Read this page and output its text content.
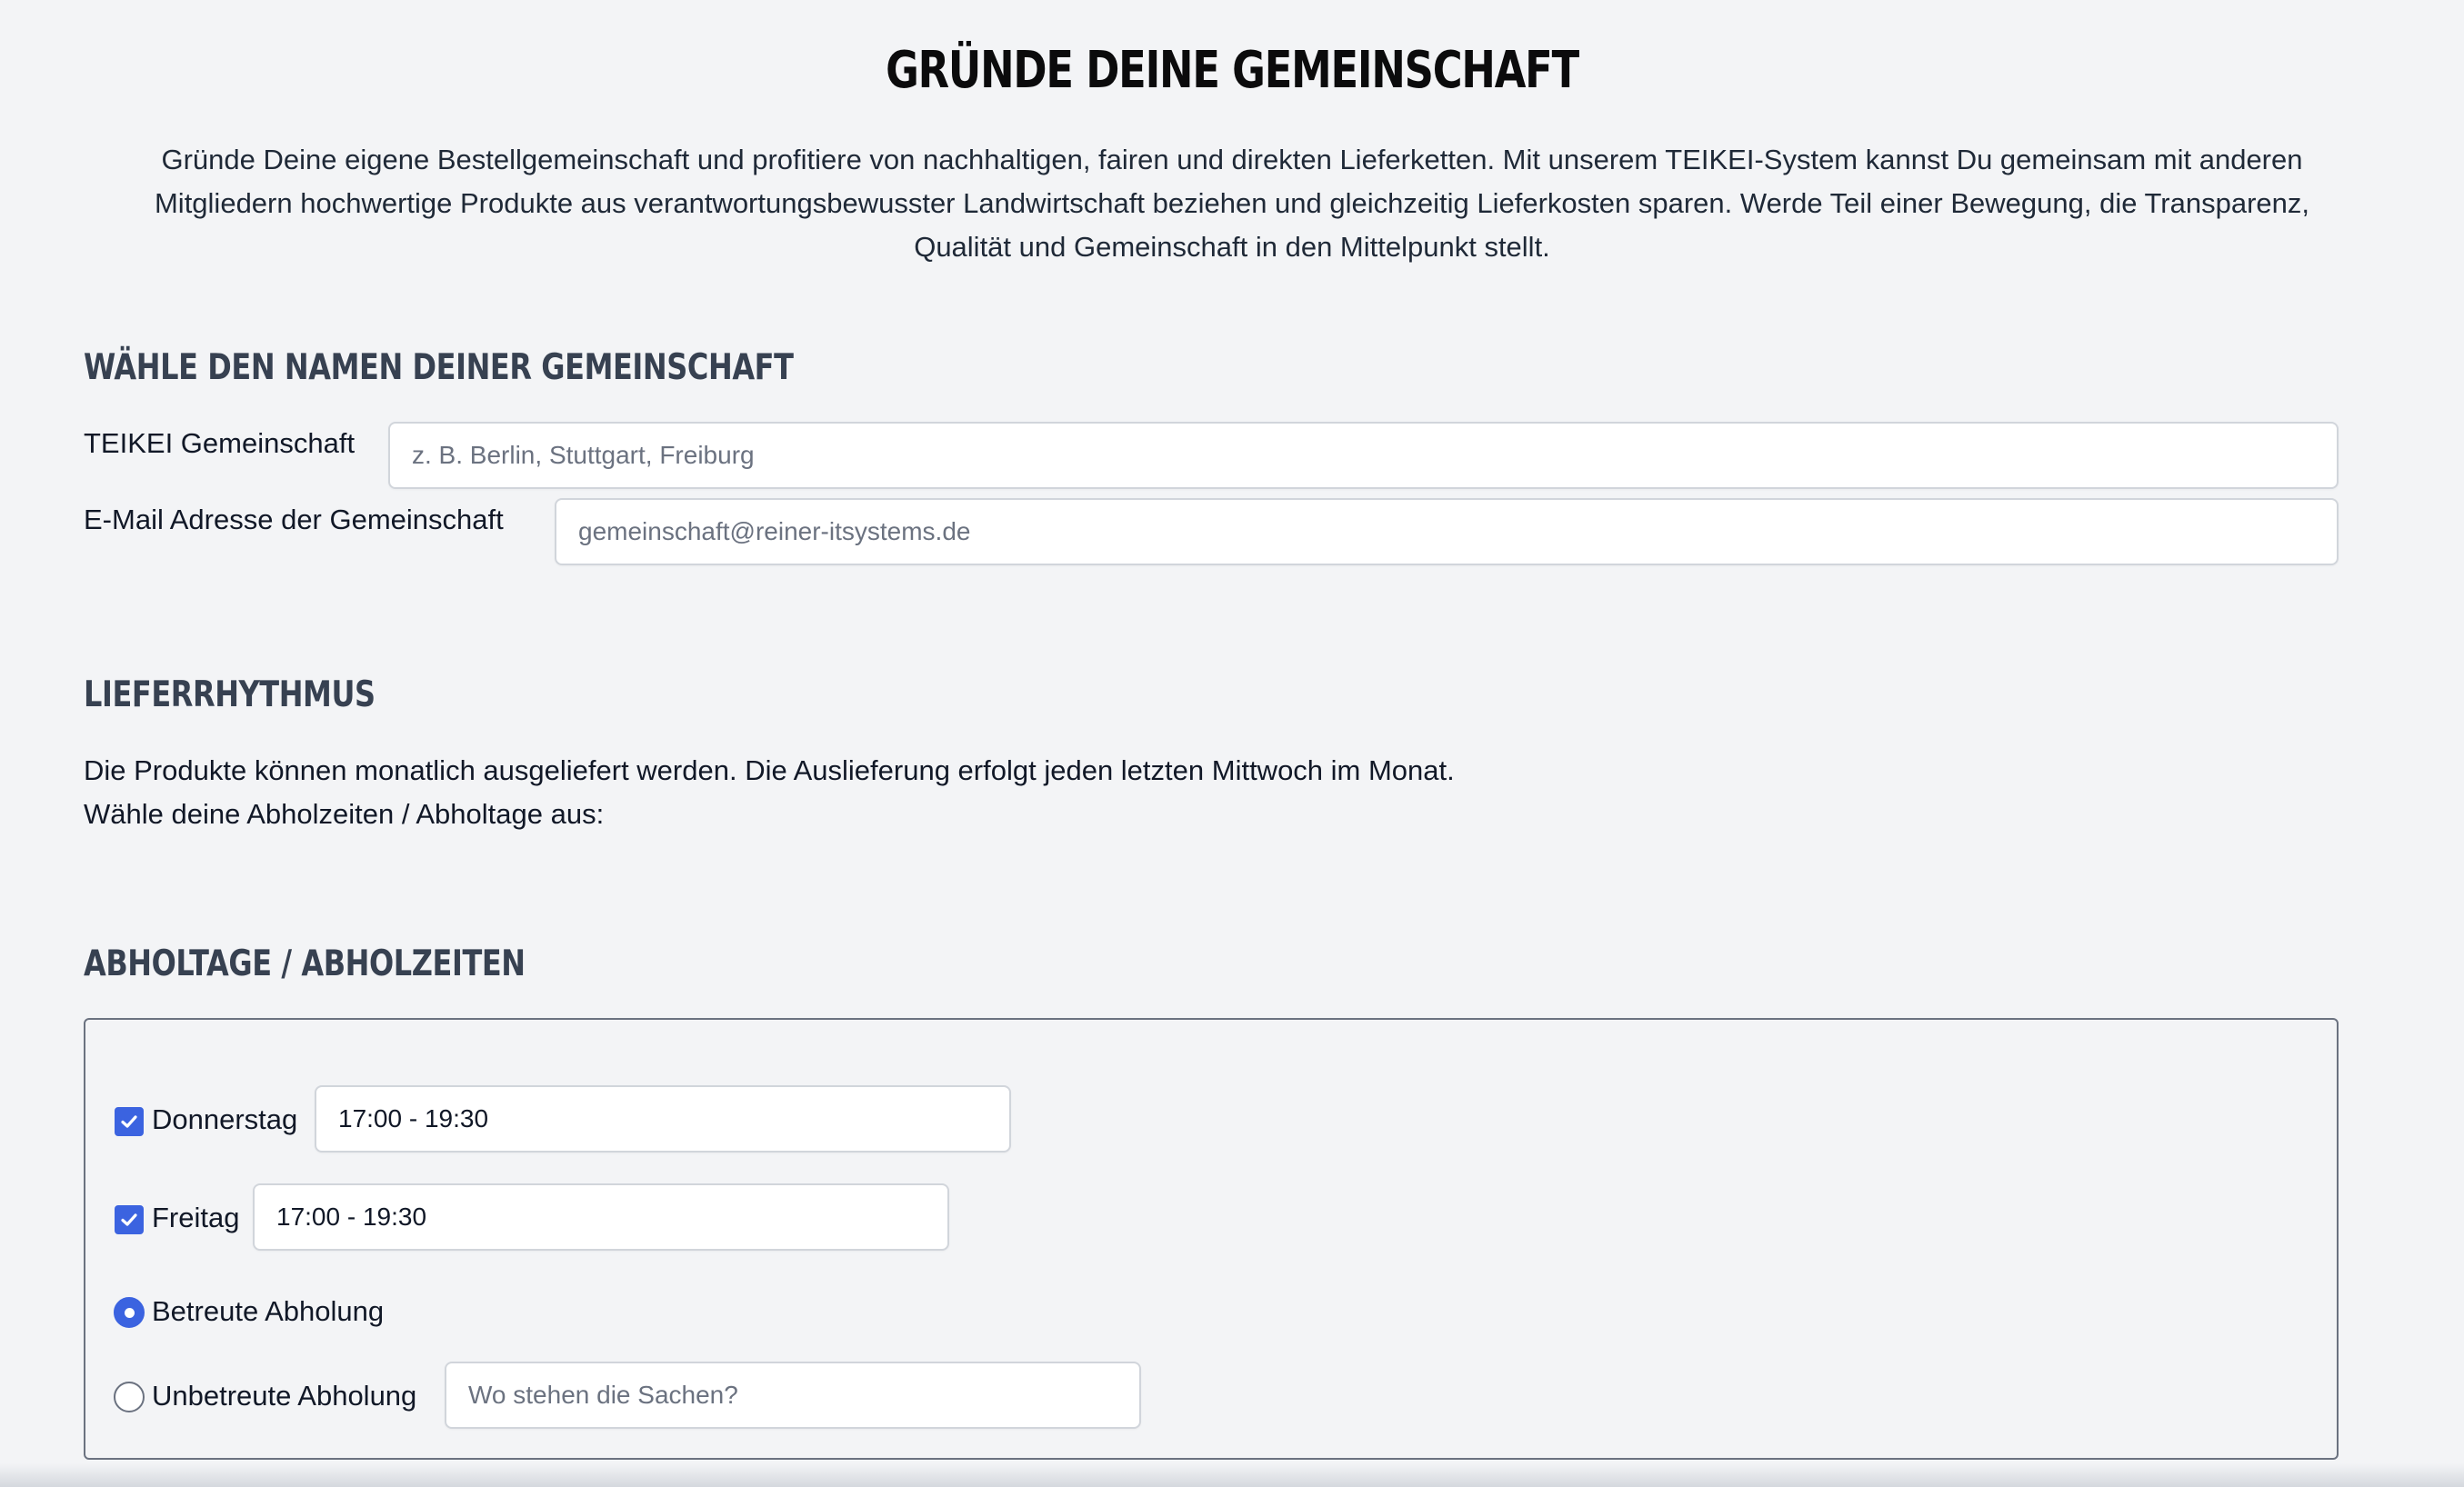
GRÜNDE DEINE GEMEINSCHAFT
Gründe Deine eigene Bestellgemeinschaft und profitiere von nachhaltigen, fairen und direkten Lieferketten. Mit unserem TEIKEI-System kannst Du gemeinsam mit anderen
Mitgliedern hochwertige Produkte aus verantwortungsbewusster Landwirtschaft beziehen und gleichzeitig Lieferkosten sparen. Werde Teil einer Bewegung, die Transparenz,
Qualität und Gemeinschaft in den Mittelpunkt stellt.
WÄHLE DEN NAMEN DEINER GEMEINSCHAFT
TEIKEI Gemeinschaft
z. B. Berlin, Stuttgart, Freiburg
E-Mail Adresse der Gemeinschaft
gemeinschaft@reiner-itsystems.de
LIEFERRHYTHMUS

Die Produkte können monatlich ausgeliefert werden. Die Auslieferung erfolgt jeden letzten Mittwoch im Monat.

Wähle deine Abholzeiten / Abholtage aus:

ABHOLTAGE / ABHOLZEITEN
Donnerstag
17:00 - 19:30
Freitag
17:00 - 19:30
Betreute Abholung
Unbetreute Abholung
Wo stehen die Sachen?
